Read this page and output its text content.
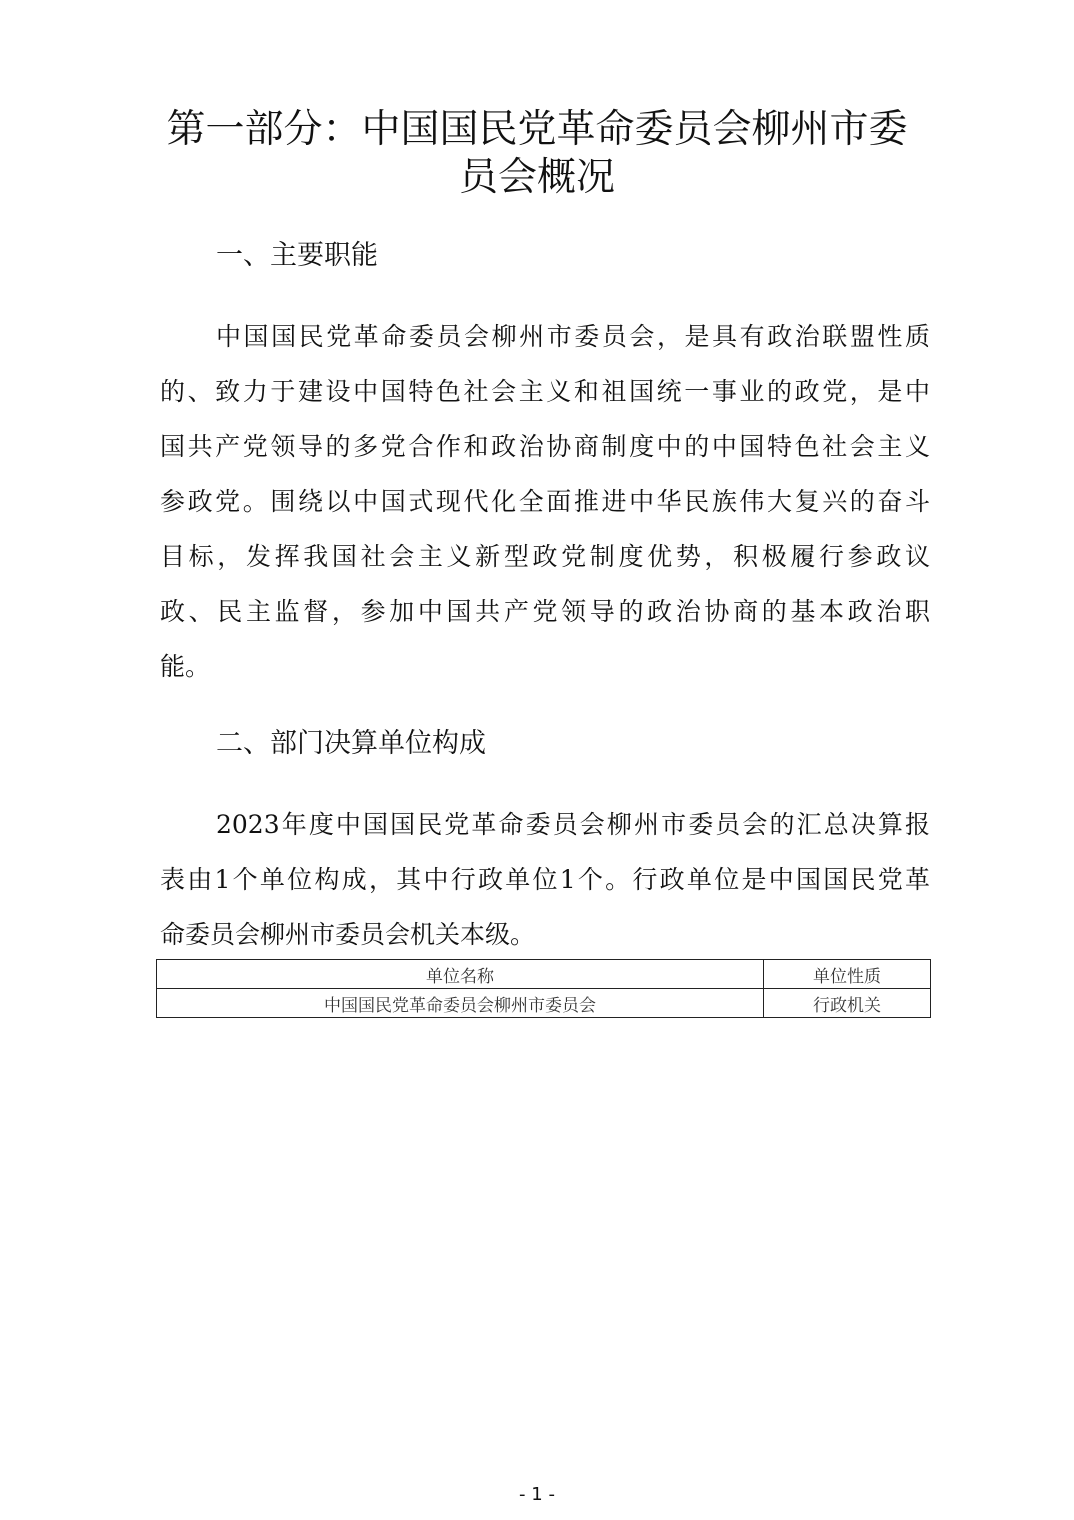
第一部分：中国国民党革命委员会柳州市委
员会概况
一、主要职能
中国国民党革命委员会柳州市委员会，是具有政治联盟性质
的、致力于建设中国特色社会主义和祖国统一事业的政党，是中
国共产党领导的多党合作和政治协商制度中的中国特色社会主义
参政党。围绕以中国式现代化全面推进中华民族伟大复兴的奋斗
目标，发挥我国社会主义新型政党制度优势，积极履行参政议
政、民主监督，参加中国共产党领导的政治协商的基本政治职
能。
二、部门决算单位构成
2023年度中国国民党革命委员会柳州市委员会的汇总决算报
表由1个单位构成，其中行政单位1个。行政单位是中国国民党革
命委员会柳州市委员会机关本级。
单位名称	单位性质
中国国民党革命委员会柳州市委员会	行政机关
- 1 -
